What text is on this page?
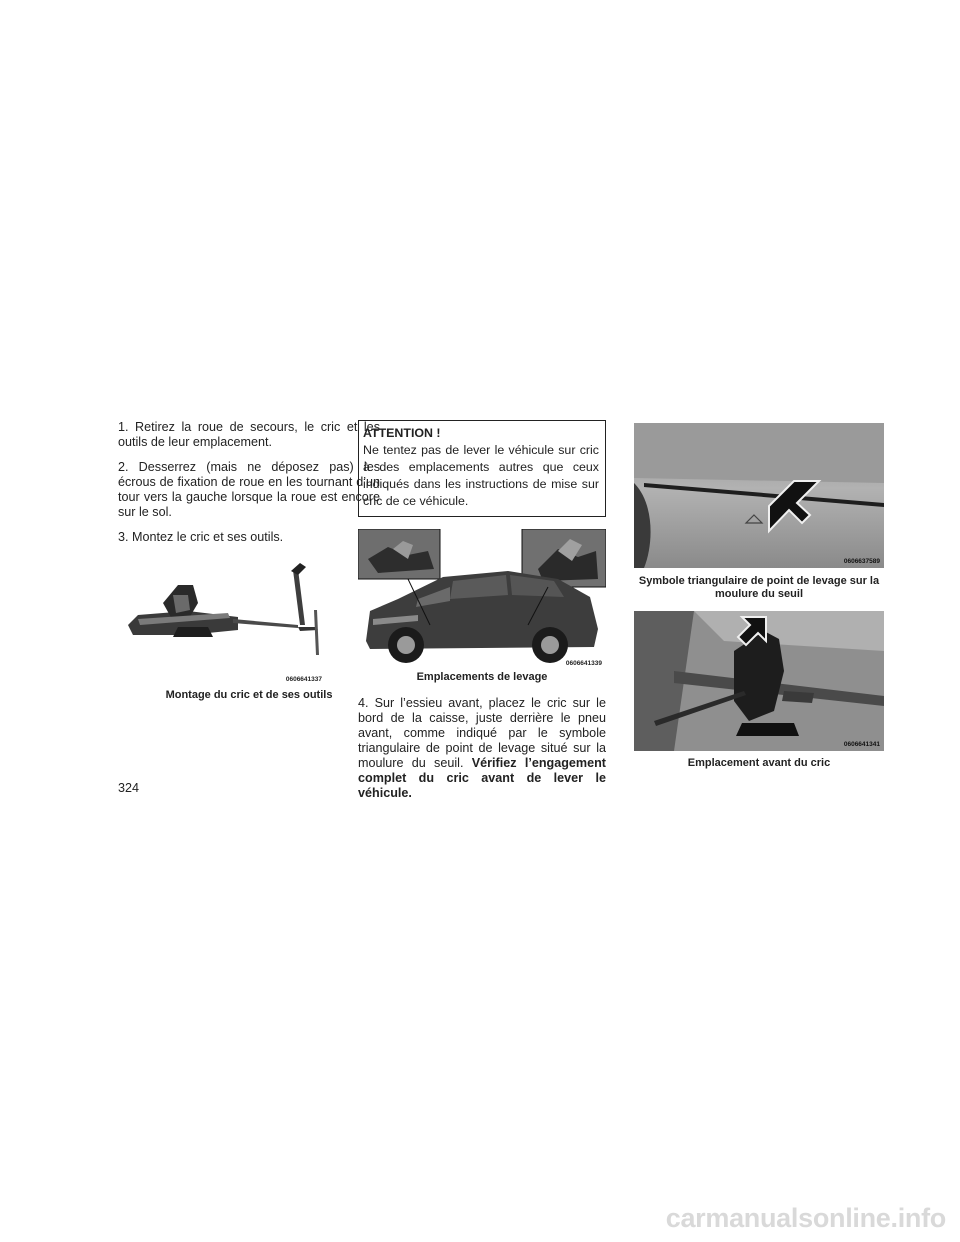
1. Retirez la roue de secours, le cric et les outils de leur emplacement.

2. Desserrez (mais ne déposez pas) les écrous de fixation de roue en les tournant d’un tour vers la gauche lorsque la roue est encore sur le sol.

3. Montez le cric et ses outils.

0606641337
Montage du cric et de ses outils
ATTENTION !
Ne tentez pas de lever le véhicule sur cric à des emplacements autres que ceux indiqués dans les instructions de mise sur cric de ce véhicule.
0606641339
Emplacements de levage

4. Sur l’essieu avant, placez le cric sur le bord de la caisse, juste derrière le pneu avant, comme indiqué par le symbole triangulaire de point de levage situé sur la moulure du seuil. Vérifiez l’engagement complet du cric avant de lever le véhicule.

0606637589
Symbole triangulaire de point de levage sur la
moulure du seuil
0606641341
Emplacement avant du cric
324
carmanualsonline.info
